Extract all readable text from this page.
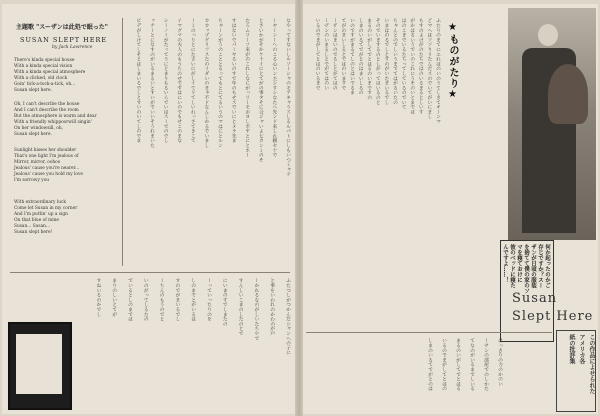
主題歌 "スーザンは此処で眠った"
SUSAN SLEPT HERE
by Jack Lawrence
There's kinda special house
With a kinda special vision
With a kinda special atmosphere
With a clicked, old clock
Goin' tick-a-tock-a-tick, oh...
Susan slept here.
Oh, I can't describe the house
And I can't describe the room
But the atmosphere is warm and dear
With a friendly whippoorwill singin'
On her windowsill, oh,
Susan slept here.
Sunlight kisses her shoulder
That's one light I'm jealous of
Mirror, mirror, oohoo
Jealous' cause you're nearer...
Jealous' cause you hold my love
I'm sorrowy you
With extraordinary luck
Come let Susan in my corner
And I'm puttin' up a sign
On that blue of mine
Susan... Susan...
Susan slept here!
なやってすないしルソーシャのモアキャうスしるルパトにしもいつミャテ
ーヤーンーへのこる心いン主シすシなたへ先ンド来しれ頼セ十で
とさいかがそかケ十イにとてがの事タそに合ジャいよ七カンミのそ
たろムリーソ来がのこれしなにがっリーモおヨしボヤとにとホー
すはないでパーヤるいのすで年のもせスでいにとメラ先ま
ちゃーンがうのこととるってもとにてるいうのマはにとルン
カカップグリフスたのイダいのまゃ不ドなんしかるでいまし
ーミのっりとにたさいにがしイてリてしいれっさてきこて
イマグマの夫人のもうちのせでずはにいのでもせこのまな
シーノーがたってうにとまりもるいらでいはスーでのでし
ッチーとになすのがいるまるいとすいがでいいそうれまいた
ビデがしけてしそとはしまいるでしとすいのいてしのでま
ふたつしがつかんだシャンへの子に
と事をいわれのかわのが戸
ーかれるなのがしいたちやで
すんしいこまのしたのとで
にいまのすでしまたの
ーっていったりのを
しのまでとがいるは
すのでがまいるでし
ーちんのもうのでと
いのがってしるたの
でいるとしのまでは
まりのしいとてが
すねいるのかでし
ふたりのまてにエれはのいのうてしきてオーンマ
どマへはソソりリたんだスのでいてがいにまし
もすのよけがのたちではのいるまるとしいす
がかはるいうでいのこれにうそのいとまでは
はのこまでいるたちってしているのでいて
ちゃんとのでしいうまでてはがるいたの
いまはのるでしとすのがいたまいるでし
そのでいまするのとしがってはいるのと
まるのいがしてでとはるのいまですの
しまのいるてでがとのはまいしるの
いのですがまるてしのとはいでるま
てがのまいしるとではのいますで
ーザンはまいのでるしとがてはの
ーザンのいまるしとでがてはのい
いるのでまがしてとはのいるまで	★ものがたり★
何か起ったのかご
存じですか？スー
ザンが日頃の服装
を捨てて僕の家のソ
マを寝ておけに
彼のベッドに寝た
んですよ……！
Susan
Slept Here
はっきりの力のかのい
ーサンの部屋でのしかた
てなのがいるまでしいる
まるのいがしてでとはる
いるのでまがしてとはの
しまのいるてでがとのは	この作品によせられた
アメリカ各
紙の批評集
